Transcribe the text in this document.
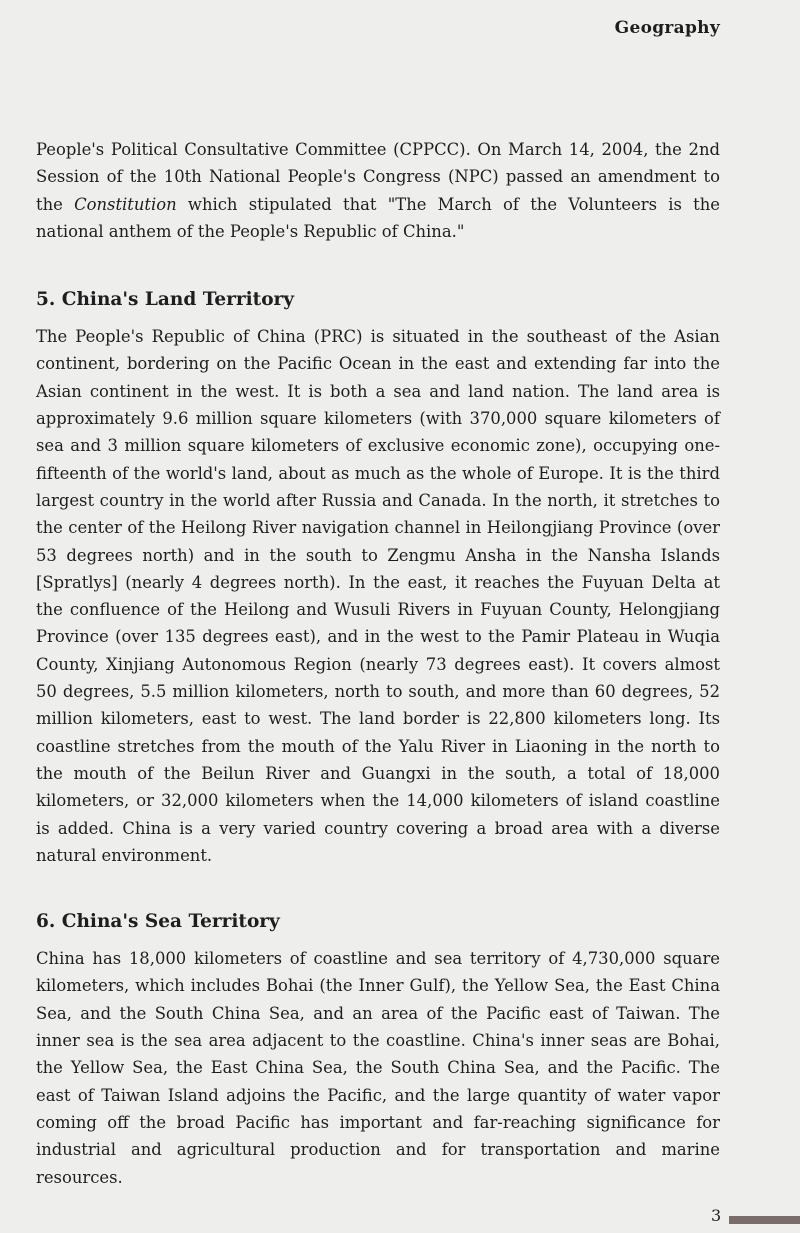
Geography

People's Political Consultative Committee (CPPCC). On March 14, 2004, the 2nd Session of the 10th National People's Congress (NPC) passed an amendment to the Constitution which stipulated that "The March of the Volunteers is the national anthem of the People's Republic of China."

5. China's Land Territory

The People's Republic of China (PRC) is situated in the southeast of the Asian continent, bordering on the Pacific Ocean in the east and extending far into the Asian continent in the west. It is both a sea and land nation. The land area is approximately 9.6 million square kilometers (with 370,000 square kilometers of sea and 3 million square kilometers of exclusive economic zone), occupying one-fifteenth of the world's land, about as much as the whole of Europe. It is the third largest country in the world after Russia and Canada. In the north, it stretches to the center of the Heilong River navigation channel in Heilongjiang Province (over 53 degrees north) and in the south to Zengmu Ansha in the Nansha Islands [Spratlys] (nearly 4 degrees north). In the east, it reaches the Fuyuan Delta at the confluence of the Heilong and Wusuli Rivers in Fuyuan County, Helongjiang Province (over 135 degrees east), and in the west to the Pamir Plateau in Wuqia County, Xinjiang Autonomous Region (nearly 73 degrees east). It covers almost 50 degrees, 5.5 million kilometers, north to south, and more than 60 degrees, 52 million kilometers, east to west. The land border is 22,800 kilometers long. Its coastline stretches from the mouth of the Yalu River in Liaoning in the north to the mouth of the Beilun River and Guangxi in the south, a total of 18,000 kilometers, or 32,000 kilometers when the 14,000 kilometers of island coastline is added. China is a very varied country covering a broad area with a diverse natural environment.

6. China's Sea Territory

China has 18,000 kilometers of coastline and sea territory of 4,730,000 square kilometers, which includes Bohai (the Inner Gulf), the Yellow Sea, the East China Sea, and the South China Sea, and an area of the Pacific east of Taiwan. The inner sea is the sea area adjacent to the coastline. China's inner seas are Bohai, the Yellow Sea, the East China Sea, the South China Sea, and the Pacific. The east of Taiwan Island adjoins the Pacific, and the large quantity of water vapor coming off the broad Pacific has important and far-reaching significance for industrial and agricultural production and for transportation and marine resources.

3
